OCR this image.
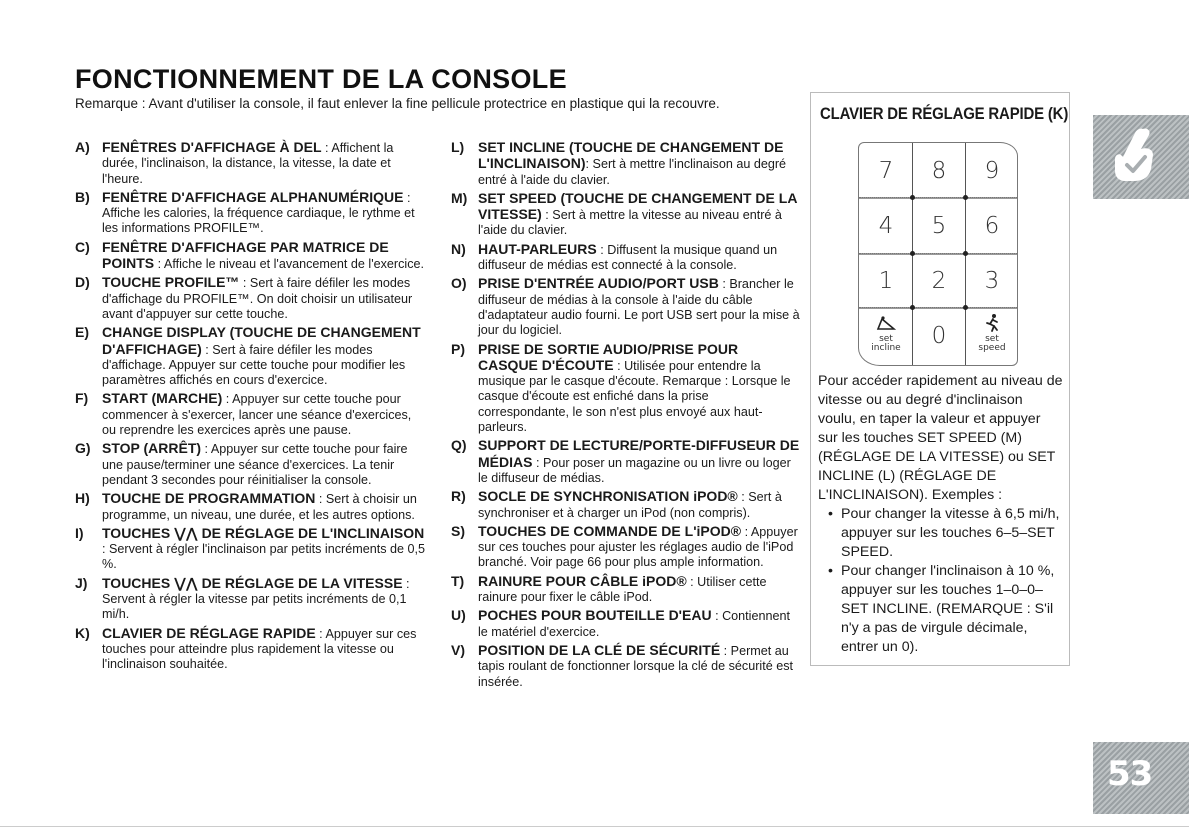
FONCTIONNEMENT DE LA CONSOLE

Remarque : Avant d'utiliser la console, il faut enlever la fine pellicule protectrice en plastique qui la recouvre.

A) FENÊTRES D'AFFICHAGE À DEL : Affichent la durée, l'inclinaison, la distance, la vitesse, la date et l'heure.
B) FENÊTRE D'AFFICHAGE ALPHANUMÉRIQUE : Affiche les calories, la fréquence cardiaque, le rythme et les informations PROFILE™.
C) FENÊTRE D'AFFICHAGE PAR MATRICE DE POINTS : Affiche le niveau et l'avancement de l'exercice.
D) TOUCHE PROFILE™ : Sert à faire défiler les modes d'affichage du PROFILE™. On doit choisir un utilisateur avant d'appuyer sur cette touche.
E) CHANGE DISPLAY (TOUCHE DE CHANGEMENT D'AFFICHAGE) : Sert à faire défiler les modes d'affichage. Appuyer sur cette touche pour modifier les paramètres affichés en cours d'exercice.
F) START (MARCHE) : Appuyer sur cette touche pour commencer à s'exercer, lancer une séance d'exercices, ou reprendre les exercices après une pause.
G) STOP (ARRÊT) : Appuyer sur cette touche pour faire une pause/terminer une séance d'exercices. La tenir pendant 3 secondes pour réinitialiser la console.
H) TOUCHE DE PROGRAMMATION : Sert à choisir un programme, un niveau, une durée, et les autres options.
I) TOUCHES ⋁⋀ DE RÉGLAGE DE L'INCLINAISON : Servent à régler l'inclinaison par petits incréments de 0,5 %.
J) TOUCHES ⋁⋀ DE RÉGLAGE DE LA VITESSE : Servent à régler la vitesse par petits incréments de 0,1 mi/h.
K) CLAVIER DE RÉGLAGE RAPIDE : Appuyer sur ces touches pour atteindre plus rapidement la vitesse ou l'inclinaison souhaitée.
L) SET INCLINE (TOUCHE DE CHANGEMENT DE L'INCLINAISON): Sert à mettre l'inclinaison au degré entré à l'aide du clavier.
M) SET SPEED (TOUCHE DE CHANGEMENT DE LA VITESSE) : Sert à mettre la vitesse au niveau entré à l'aide du clavier.
N) HAUT-PARLEURS : Diffusent la musique quand un diffuseur de médias est connecté à la console.
O) PRISE D'ENTRÉE AUDIO/PORT USB : Brancher le diffuseur de médias à la console à l'aide du câble d'adaptateur audio fourni. Le port USB sert pour la mise à jour du logiciel.
P) PRISE DE SORTIE AUDIO/PRISE POUR CASQUE D'ÉCOUTE : Utilisée pour entendre la musique par le casque d'écoute. Remarque : Lorsque le casque d'écoute est enfiché dans la prise correspondante, le son n'est plus envoyé aux haut-parleurs.
Q) SUPPORT DE LECTURE/PORTE-DIFFUSEUR DE MÉDIAS : Pour poser un magazine ou un livre ou loger le diffuseur de médias.
R) SOCLE DE SYNCHRONISATION iPOD® : Sert à synchroniser et à charger un iPod (non compris).
S) TOUCHES DE COMMANDE DE L'iPOD® : Appuyer sur ces touches pour ajuster les réglages audio de l'iPod branché. Voir page 66 pour plus ample information.
T) RAINURE POUR CÂBLE iPOD® : Utiliser cette rainure pour fixer le câble iPod.
U) POCHES POUR BOUTEILLE D'EAU : Contiennent le matériel d'exercice.
V) POSITION DE LA CLÉ DE SÉCURITÉ : Permet au tapis roulant de fonctionner lorsque la clé de sécurité est insérée.
CLAVIER DE RÉGLAGE RAPIDE (K)
7	8	9
4	5	6
1	2	3
0
set
incline
set
speed
Pour accéder rapidement au niveau de vitesse ou au degré d'inclinaison voulu, en taper la valeur et appuyer sur les touches SET SPEED (M) (RÉGLAGE DE LA VITESSE) ou SET INCLINE (L) (RÉGLAGE DE L'INCLINAISON). Exemples :
• Pour changer la vitesse à 6,5 mi/h, appuyer sur les touches 6–5–SET SPEED.
• Pour changer l'inclinaison à 10 %, appuyer sur les touches 1–0–0–SET INCLINE. (REMARQUE : S'il n'y a pas de virgule décimale, entrer un 0).
53
